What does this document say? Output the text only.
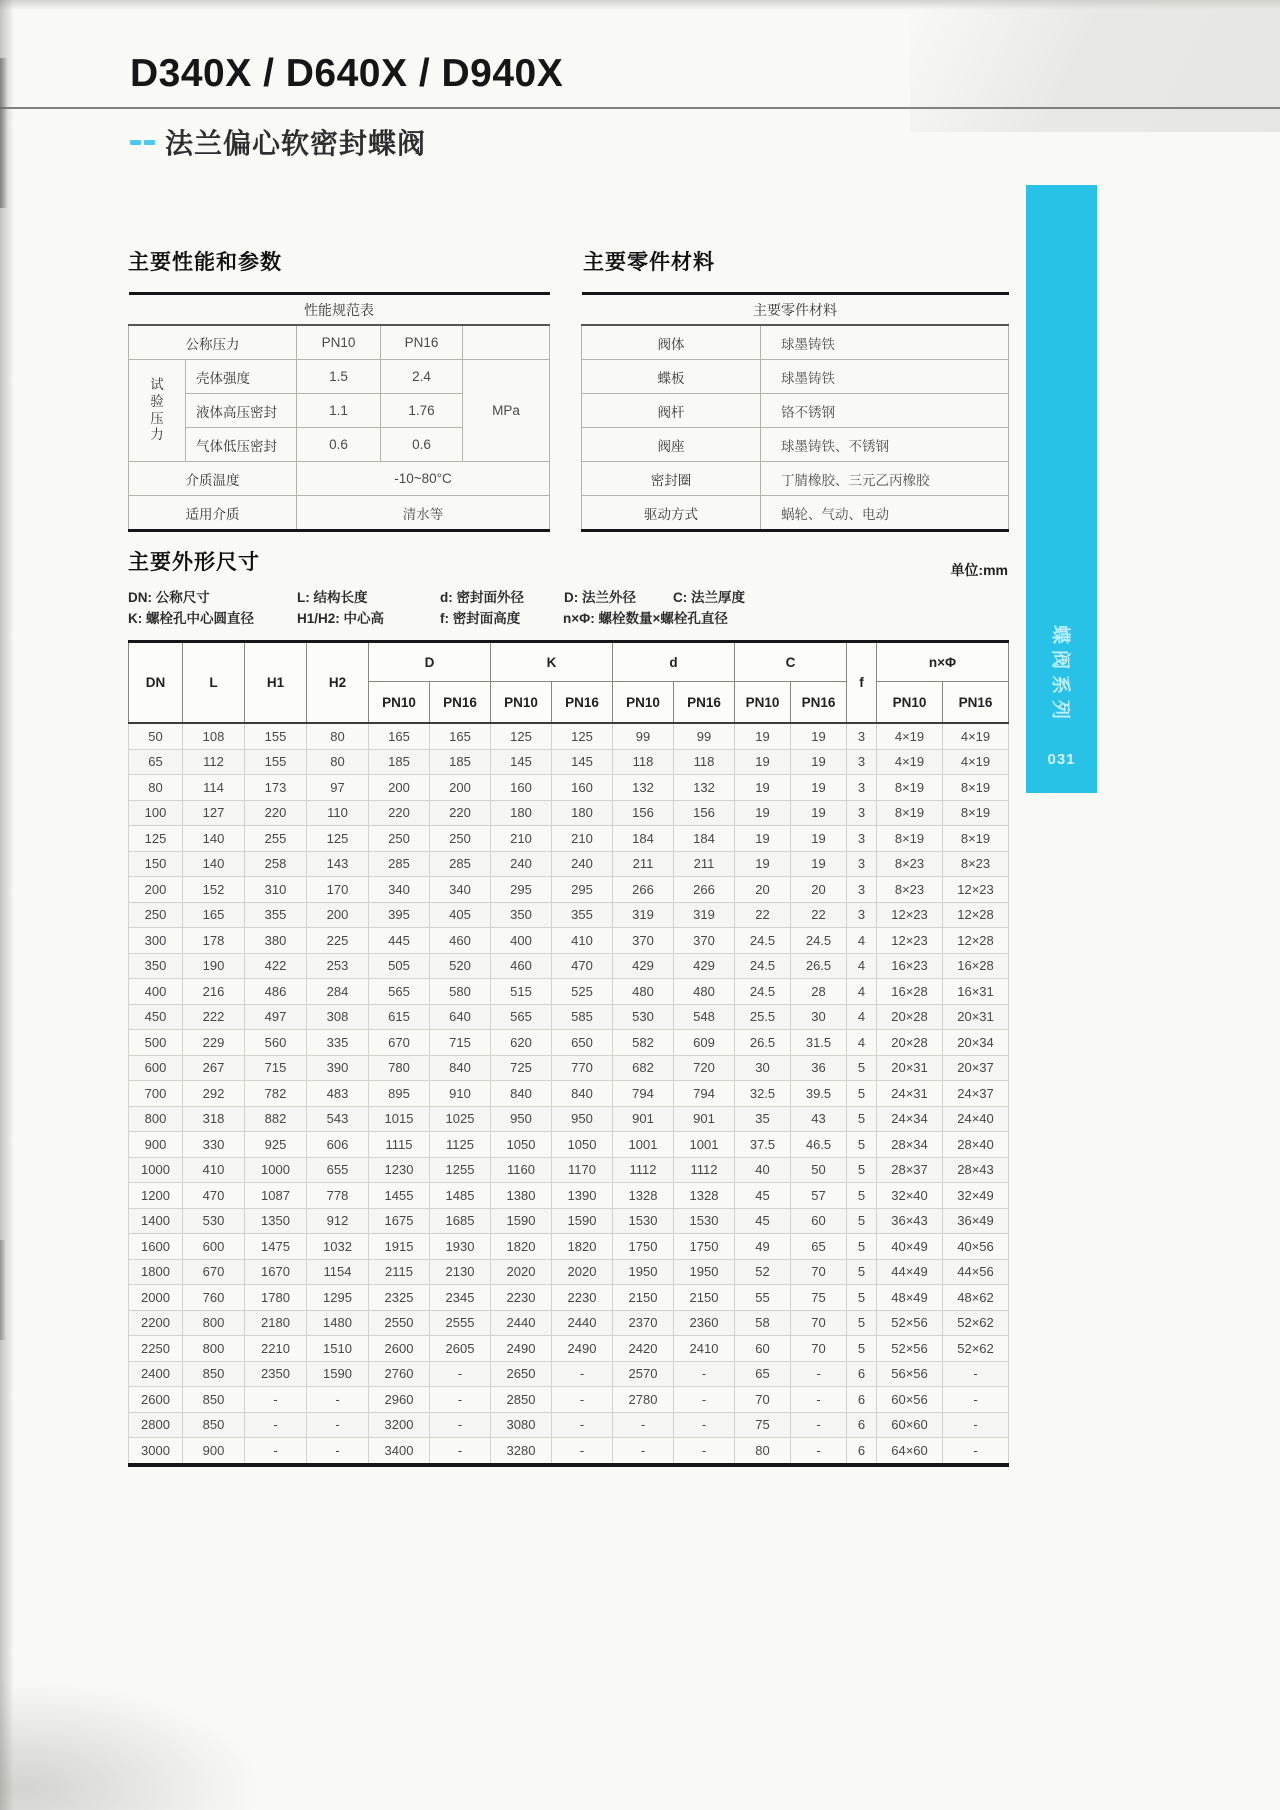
D340X / D640X / D940X
法兰偏心软密封蝶阀
主要性能和参数	主要零件材料
性能规范表				
公称压力		PN10	PN16	

试验压力	壳体强度	1.5	2.4	MPa
	液体高压密封	1.1	1.76	
	气体低压密封	0.6	0.6	
介质温度		-10~80°C		
适用介质		清水等		
主要零件材料	
阀体	球墨铸铁
蝶板	球墨铸铁
阀杆	铬不锈钢
阀座	球墨铸铁、不锈钢
密封圈	丁腈橡胶、三元乙丙橡胶
驱动方式	蜗轮、气动、电动
主要外形尺寸	单位:mm
DN: 公称尺寸	L: 结构长度	d: 密封面外径	D: 法兰外径	C: 法兰厚度
K: 螺栓孔中心圆直径	H1/H2: 中心高	f: 密封面高度	n×Φ: 螺栓数量×螺栓孔直径
DN	L	H1	H2	D		K		d		C		f	n×Φ	
				PN10	PN16	PN10	PN16	PN10	PN16	PN10	PN16		PN10	PN16
50	108	155	80	165	165	125	125	99	99	19	19	3	4×19	4×19
65	112	155	80	185	185	145	145	118	118	19	19	3	4×19	4×19
80	114	173	97	200	200	160	160	132	132	19	19	3	8×19	8×19
100	127	220	110	220	220	180	180	156	156	19	19	3	8×19	8×19
125	140	255	125	250	250	210	210	184	184	19	19	3	8×19	8×19
150	140	258	143	285	285	240	240	211	211	19	19	3	8×23	8×23
200	152	310	170	340	340	295	295	266	266	20	20	3	8×23	12×23
250	165	355	200	395	405	350	355	319	319	22	22	3	12×23	12×28
300	178	380	225	445	460	400	410	370	370	24.5	24.5	4	12×23	12×28
350	190	422	253	505	520	460	470	429	429	24.5	26.5	4	16×23	16×28
400	216	486	284	565	580	515	525	480	480	24.5	28	4	16×28	16×31
450	222	497	308	615	640	565	585	530	548	25.5	30	4	20×28	20×31
500	229	560	335	670	715	620	650	582	609	26.5	31.5	4	20×28	20×34
600	267	715	390	780	840	725	770	682	720	30	36	5	20×31	20×37
700	292	782	483	895	910	840	840	794	794	32.5	39.5	5	24×31	24×37
800	318	882	543	1015	1025	950	950	901	901	35	43	5	24×34	24×40
900	330	925	606	1115	1125	1050	1050	1001	1001	37.5	46.5	5	28×34	28×40
1000	410	1000	655	1230	1255	1160	1170	1112	1112	40	50	5	28×37	28×43
1200	470	1087	778	1455	1485	1380	1390	1328	1328	45	57	5	32×40	32×49
1400	530	1350	912	1675	1685	1590	1590	1530	1530	45	60	5	36×43	36×49
1600	600	1475	1032	1915	1930	1820	1820	1750	1750	49	65	5	40×49	40×56
1800	670	1670	1154	2115	2130	2020	2020	1950	1950	52	70	5	44×49	44×56
2000	760	1780	1295	2325	2345	2230	2230	2150	2150	55	75	5	48×49	48×62
2200	800	2180	1480	2550	2555	2440	2440	2370	2360	58	70	5	52×56	52×62
2250	800	2210	1510	2600	2605	2490	2490	2420	2410	60	70	5	52×56	52×62
2400	850	2350	1590	2760	-	2650	-	2570	-	65	-	6	56×56	-
2600	850	-	-	2960	-	2850	-	2780	-	70	-	6	60×56	-
2800	850	-	-	3200	-	3080	-	-	-	75	-	6	60×60	-
3000	900	-	-	3400	-	3280	-	-	-	80	-	6	64×60	-
蝶阀系列
031
